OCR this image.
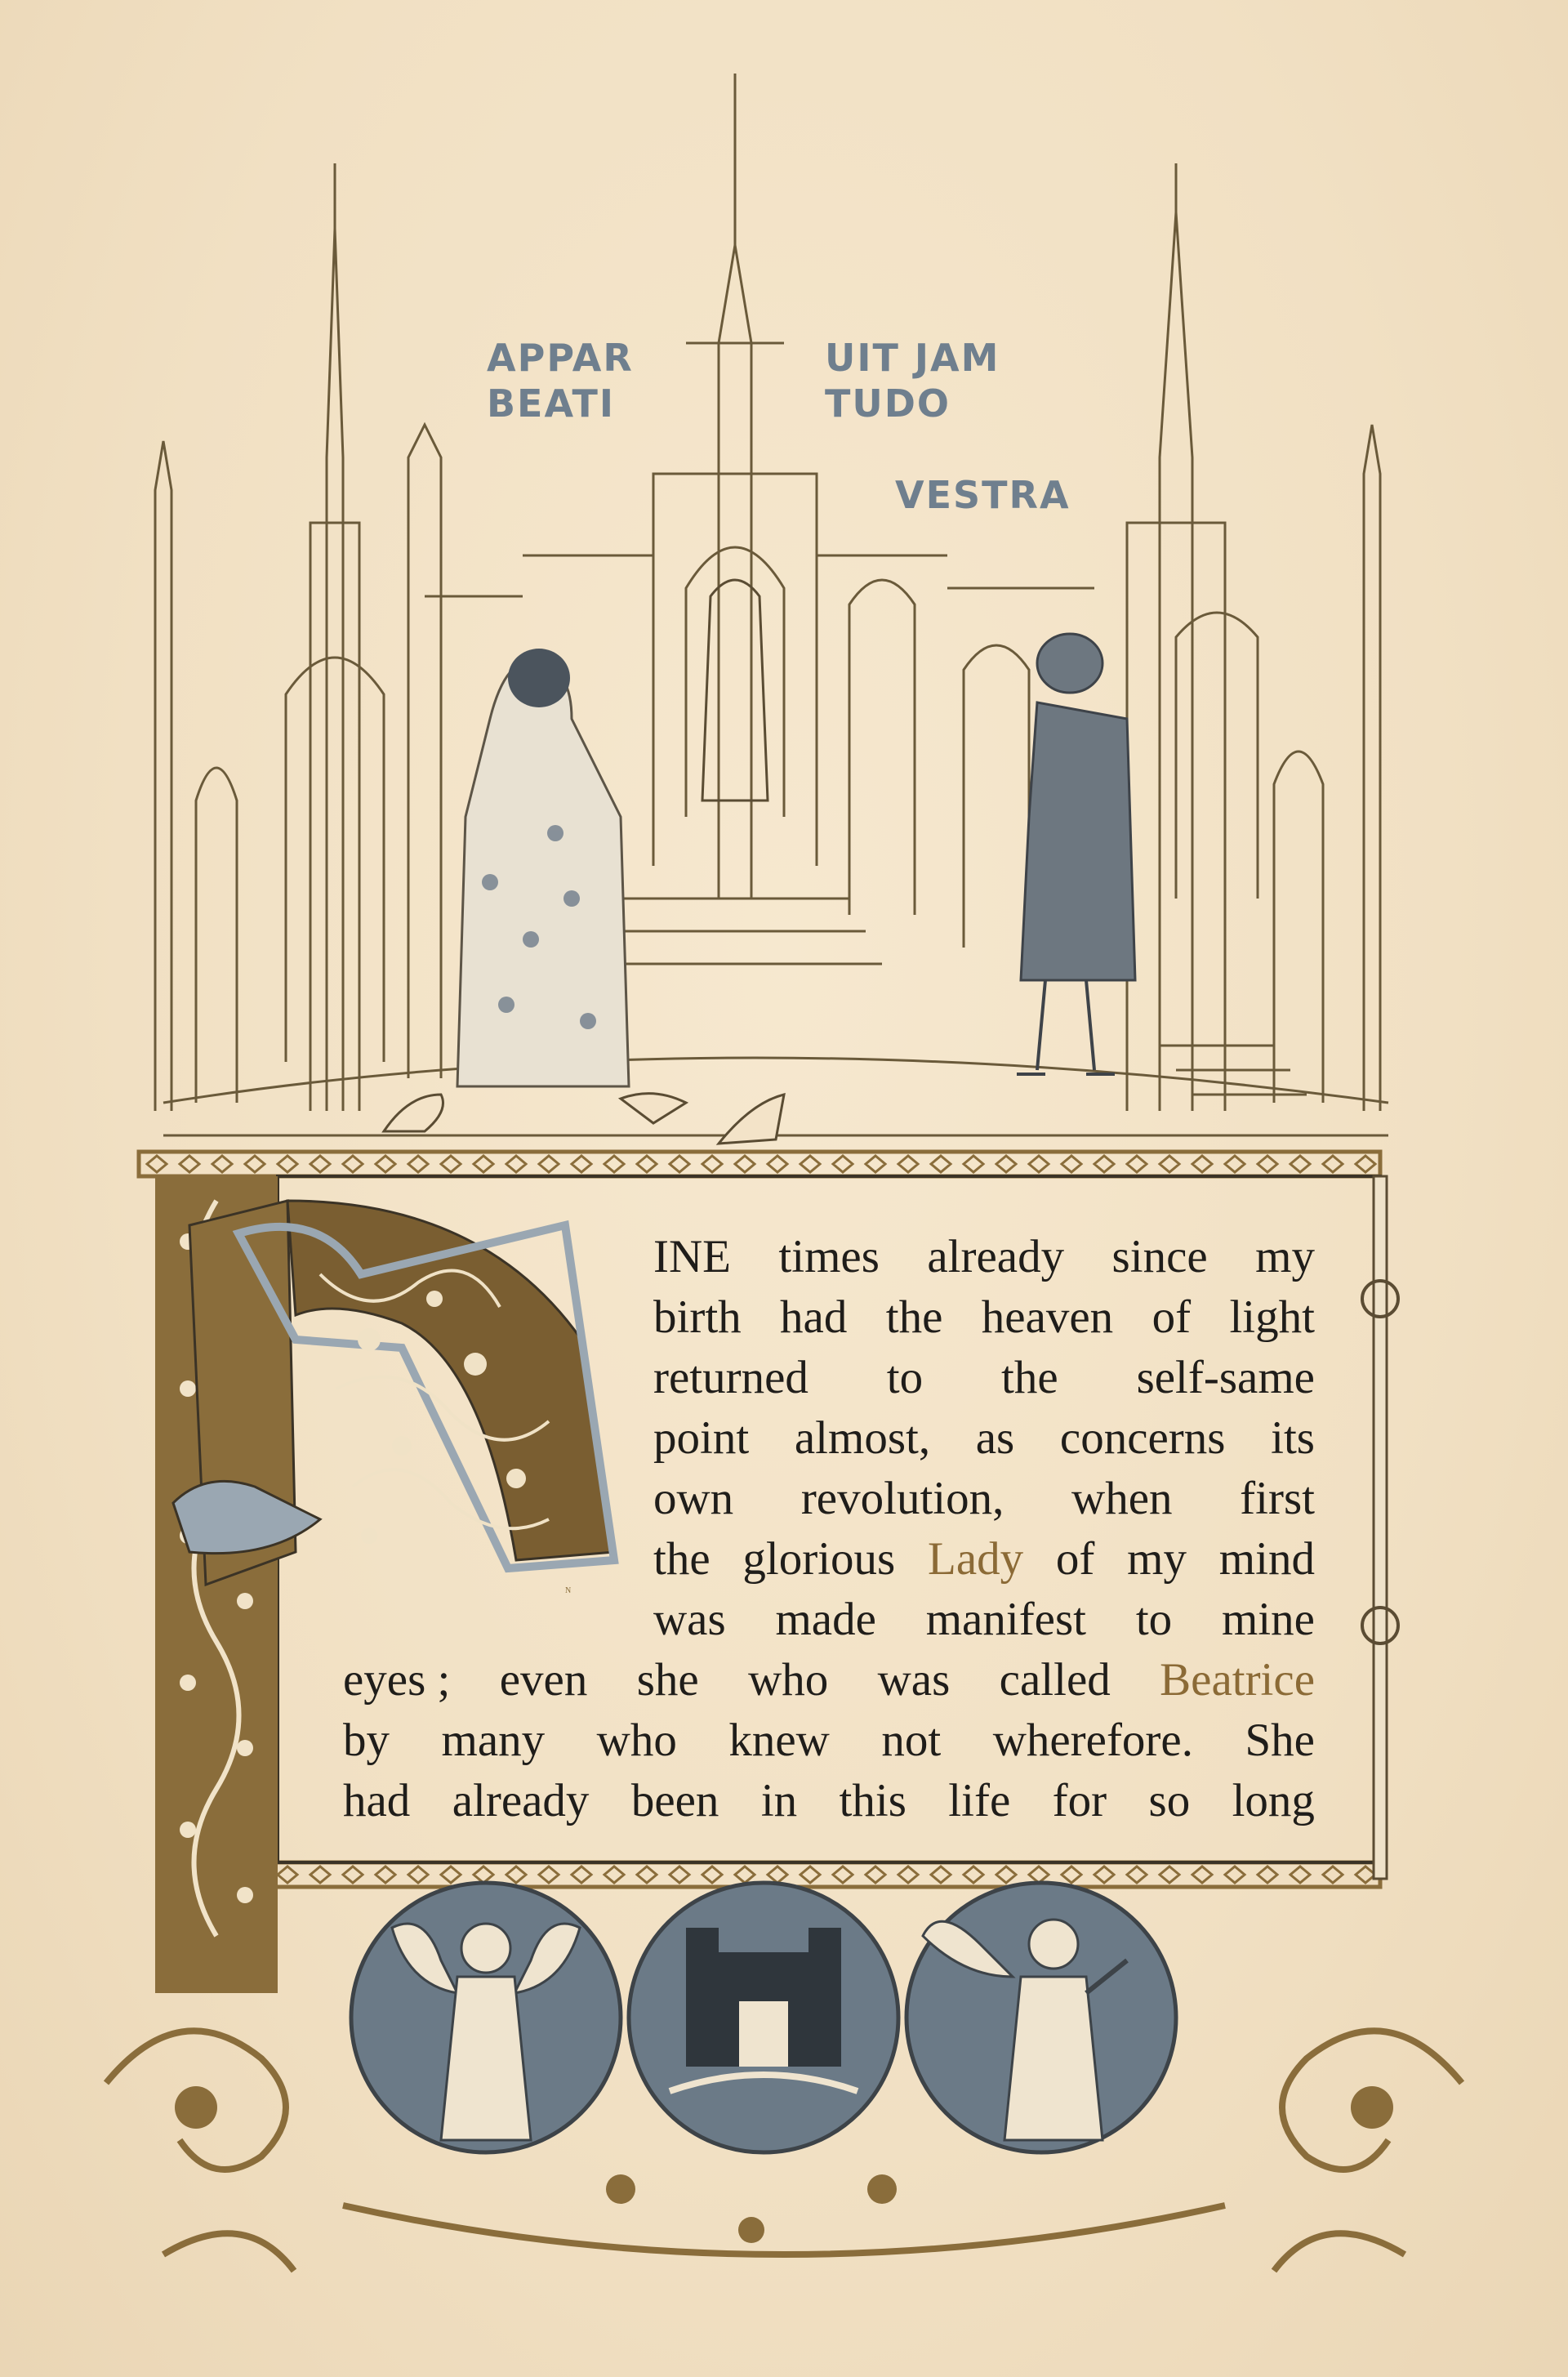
APPAR
BEATI
UIT JAM
TUDO
VESTRA
N
INE times already since my
birth had the heaven of light
returned to the self-same
point almost, as concerns its
own revolution, when first
the glorious Lady of my mind
was made manifest to mine
eyes ; even she who was called Beatrice
by many who knew not wherefore. She
had already been in this life for so long
